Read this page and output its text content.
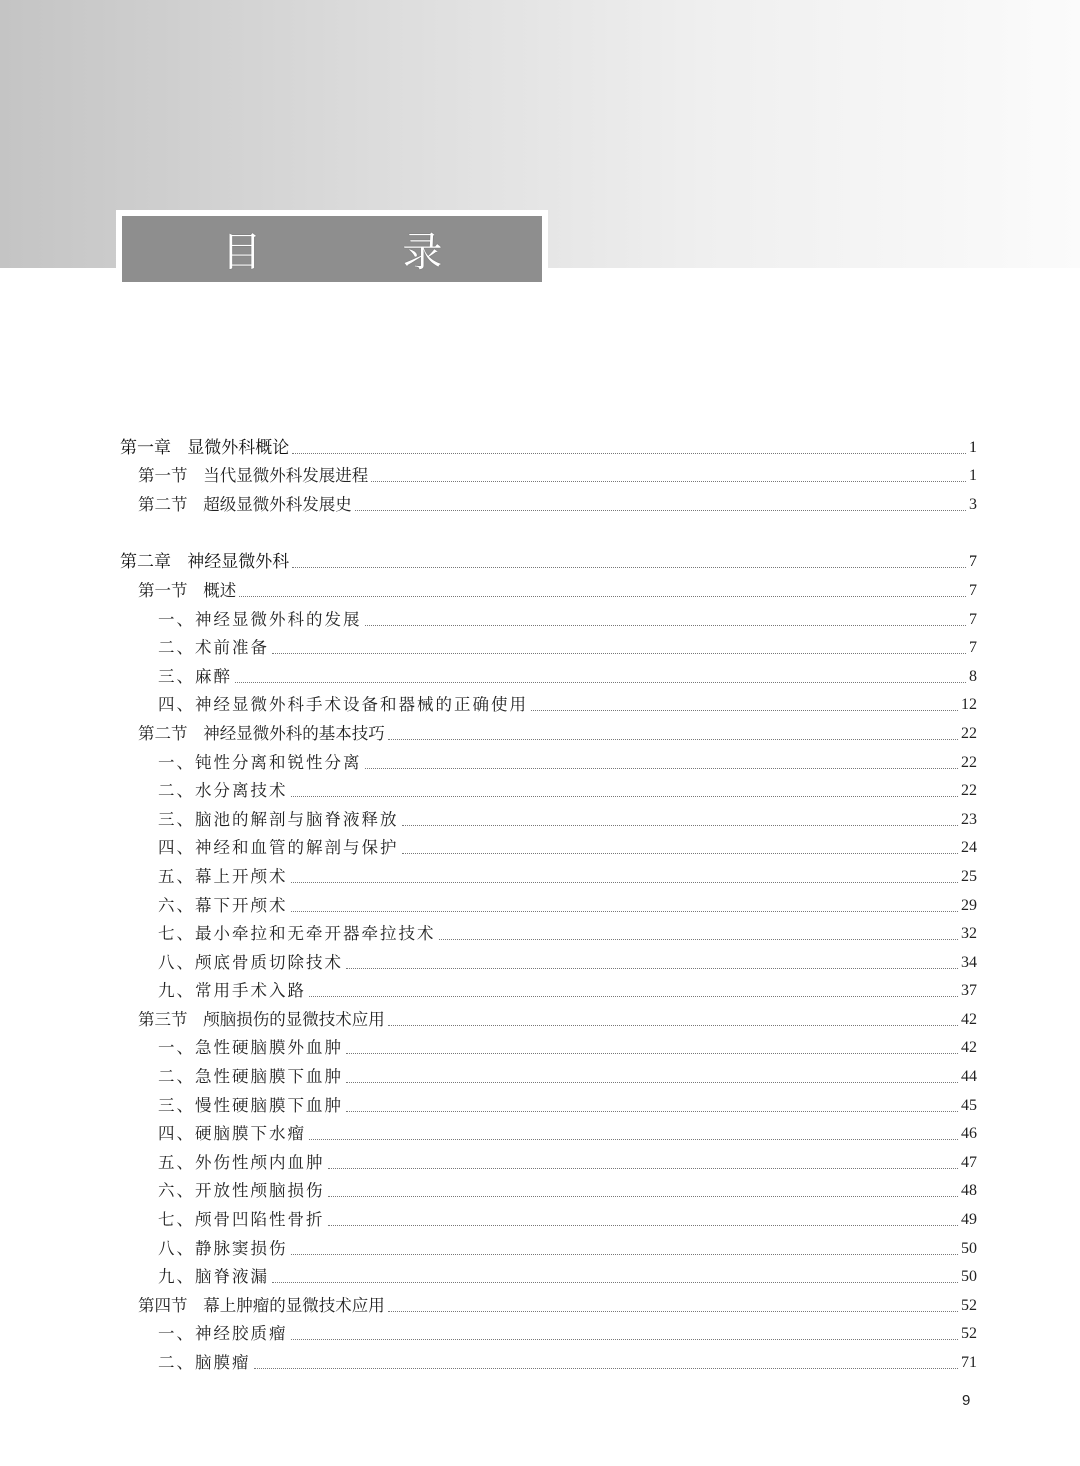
目 录
第一章   显微外科概论	1
第一节   当代显微外科发展进程	1
第二节   超级显微外科发展史	3
第二章   神经显微外科	7
第一节   概述	7
一、神经显微外科的发展	7
二、术前准备	7
三、麻醉	8
四、神经显微外科手术设备和器械的正确使用	12
第二节   神经显微外科的基本技巧	22
一、钝性分离和锐性分离	22
二、水分离技术	22
三、脑池的解剖与脑脊液释放	23
四、神经和血管的解剖与保护	24
五、幕上开颅术	25
六、幕下开颅术	29
七、最小牵拉和无牵开器牵拉技术	32
八、颅底骨质切除技术	34
九、常用手术入路	37
第三节   颅脑损伤的显微技术应用	42
一、急性硬脑膜外血肿	42
二、急性硬脑膜下血肿	44
三、慢性硬脑膜下血肿	45
四、硬脑膜下水瘤	46
五、外伤性颅内血肿	47
六、开放性颅脑损伤	48
七、颅骨凹陷性骨折	49
八、静脉窦损伤	50
九、脑脊液漏	50
第四节   幕上肿瘤的显微技术应用	52
一、神经胶质瘤	52
二、脑膜瘤	71
9
